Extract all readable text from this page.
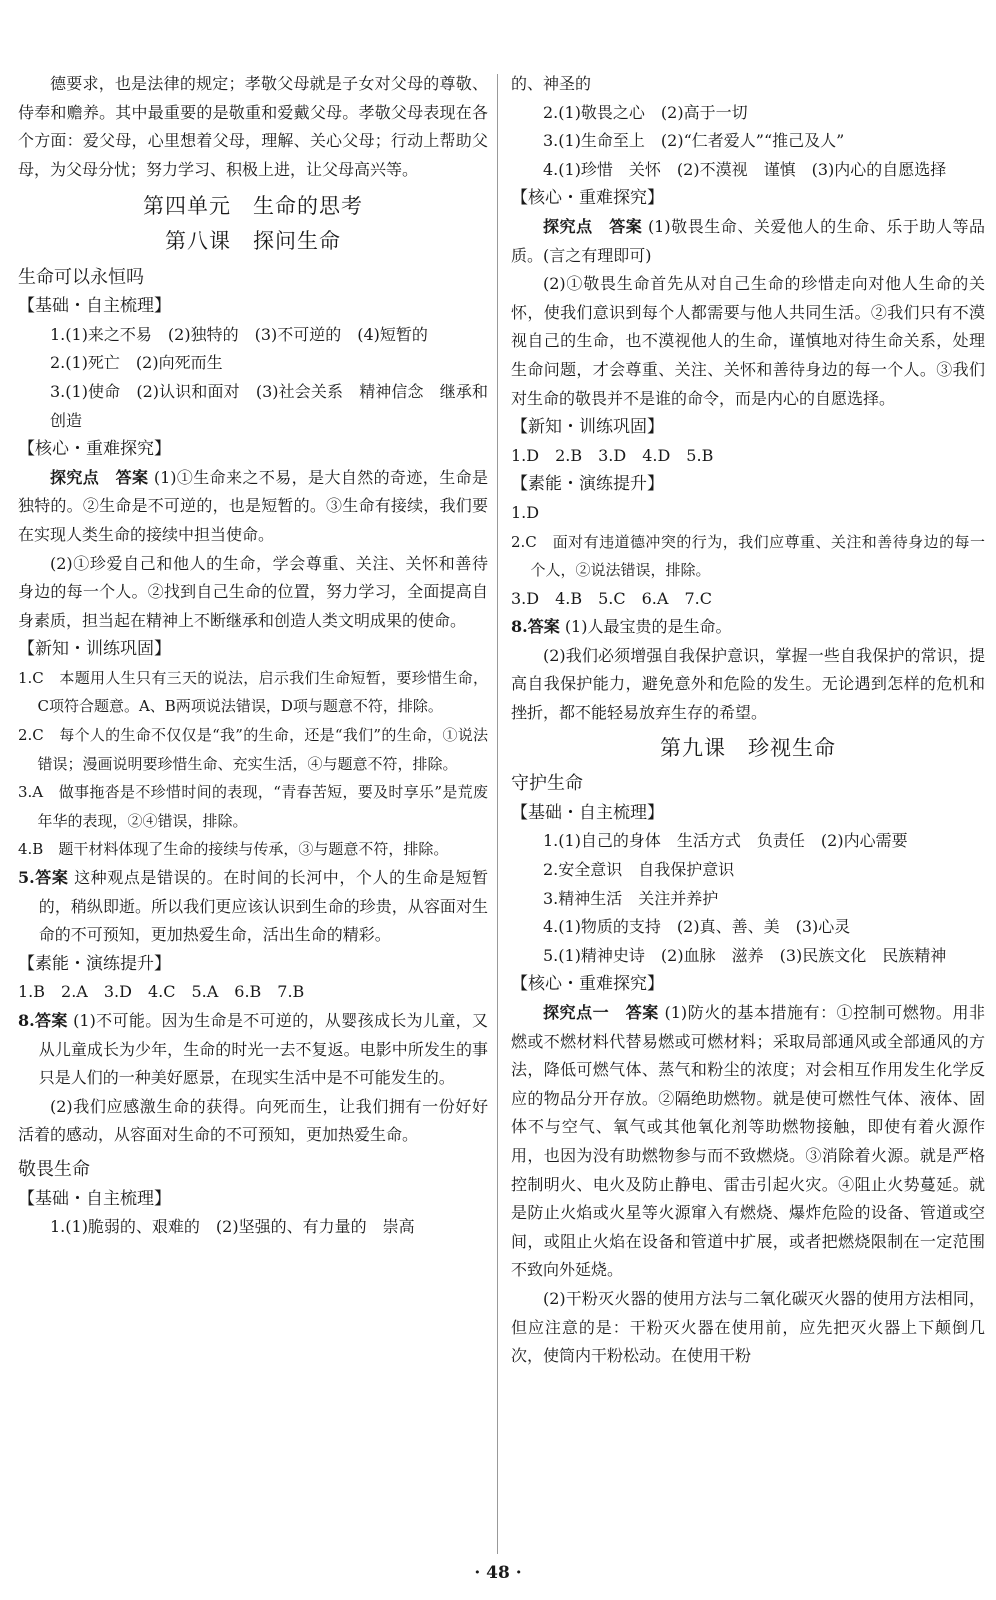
德要求，也是法律的规定；孝敬父母就是子女对父母的尊敬、侍奉和赡养。其中最重要的是敬重和爱戴父母。孝敬父母表现在各个方面：爱父母，心里想着父母，理解、关心父母；行动上帮助父母，为父母分忧；努力学习、积极上进，让父母高兴等。

第四单元　生命的思考
第八课　探问生命
生命可以永恒吗
【基础・自主梳理】

1.(1)来之不易　(2)独特的　(3)不可逆的　(4)短暂的

2.(1)死亡　(2)向死而生

3.(1)使命　(2)认识和面对　(3)社会关系　精神信念　继承和创造

【核心・重难探究】

探究点　答案 (1)①生命来之不易，是大自然的奇迹，生命是独特的。②生命是不可逆的，也是短暂的。③生命有接续，我们要在实现人类生命的接续中担当使命。

(2)①珍爱自己和他人的生命，学会尊重、关注、关怀和善待身边的每一个人。②找到自己生命的位置，努力学习，全面提高自身素质，担当起在精神上不断继承和创造人类文明成果的使命。

【新知・训练巩固】

1.C　本题用人生只有三天的说法，启示我们生命短暂，要珍惜生命，C项符合题意。A、B两项说法错误，D项与题意不符，排除。

2.C　每个人的生命不仅仅是“我”的生命，还是“我们”的生命，①说法错误；漫画说明要珍惜生命、充实生活，④与题意不符，排除。

3.A　做事拖沓是不珍惜时间的表现，“青春苦短，要及时享乐”是荒废年华的表现，②④错误，排除。

4.B　题干材料体现了生命的接续与传承，③与题意不符，排除。

5.答案 这种观点是错误的。在时间的长河中，个人的生命是短暂的，稍纵即逝。所以我们更应该认识到生命的珍贵，从容面对生命的不可预知，更加热爱生命，活出生命的精彩。

【素能・演练提升】

1.B　2.A　3.D　4.C　5.A　6.B　7.B

8.答案 (1)不可能。因为生命是不可逆的，从婴孩成长为儿童，又从儿童成长为少年，生命的时光一去不复返。电影中所发生的事只是人们的一种美好愿景，在现实生活中是不可能发生的。

(2)我们应感激生命的获得。向死而生，让我们拥有一份好好活着的感动，从容面对生命的不可预知，更加热爱生命。

敬畏生命
【基础・自主梳理】

1.(1)脆弱的、艰难的　(2)坚强的、有力量的　崇高

的、神圣的

2.(1)敬畏之心　(2)高于一切

3.(1)生命至上　(2)“仁者爱人”“推己及人”

4.(1)珍惜　关怀　(2)不漠视　谨慎　(3)内心的自愿选择

【核心・重难探究】

探究点　答案 (1)敬畏生命、关爱他人的生命、乐于助人等品质。(言之有理即可)

(2)①敬畏生命首先从对自己生命的珍惜走向对他人生命的关怀，使我们意识到每个人都需要与他人共同生活。②我们只有不漠视自己的生命，也不漠视他人的生命，谨慎地对待生命关系，处理生命问题，才会尊重、关注、关怀和善待身边的每一个人。③我们对生命的敬畏并不是谁的命令，而是内心的自愿选择。

【新知・训练巩固】

1.D　2.B　3.D　4.D　5.B

【素能・演练提升】

1.D

2.C　面对有违道德冲突的行为，我们应尊重、关注和善待身边的每一个人，②说法错误，排除。

3.D　4.B　5.C　6.A　7.C

8.答案 (1)人最宝贵的是生命。

(2)我们必须增强自我保护意识，掌握一些自我保护的常识，提高自我保护能力，避免意外和危险的发生。无论遇到怎样的危机和挫折，都不能轻易放弃生存的希望。

第九课　珍视生命
守护生命
【基础・自主梳理】

1.(1)自己的身体　生活方式　负责任　(2)内心需要

2.安全意识　自我保护意识

3.精神生活　关注并养护

4.(1)物质的支持　(2)真、善、美　(3)心灵

5.(1)精神史诗　(2)血脉　滋养　(3)民族文化　民族精神

【核心・重难探究】

探究点一　答案 (1)防火的基本措施有：①控制可燃物。用非燃或不燃材料代替易燃或可燃材料；采取局部通风或全部通风的方法，降低可燃气体、蒸气和粉尘的浓度；对会相互作用发生化学反应的物品分开存放。②隔绝助燃物。就是使可燃性气体、液体、固体不与空气、氧气或其他氧化剂等助燃物接触，即使有着火源作用，也因为没有助燃物参与而不致燃烧。③消除着火源。就是严格控制明火、电火及防止静电、雷击引起火灾。④阻止火势蔓延。就是防止火焰或火星等火源窜入有燃烧、爆炸危险的设备、管道或空间，或阻止火焰在设备和管道中扩展，或者把燃烧限制在一定范围不致向外延烧。

(2)干粉灭火器的使用方法与二氧化碳灭火器的使用方法相同，但应注意的是：干粉灭火器在使用前，应先把灭火器上下颠倒几次，使筒内干粉松动。在使用干粉

· 48 ·
